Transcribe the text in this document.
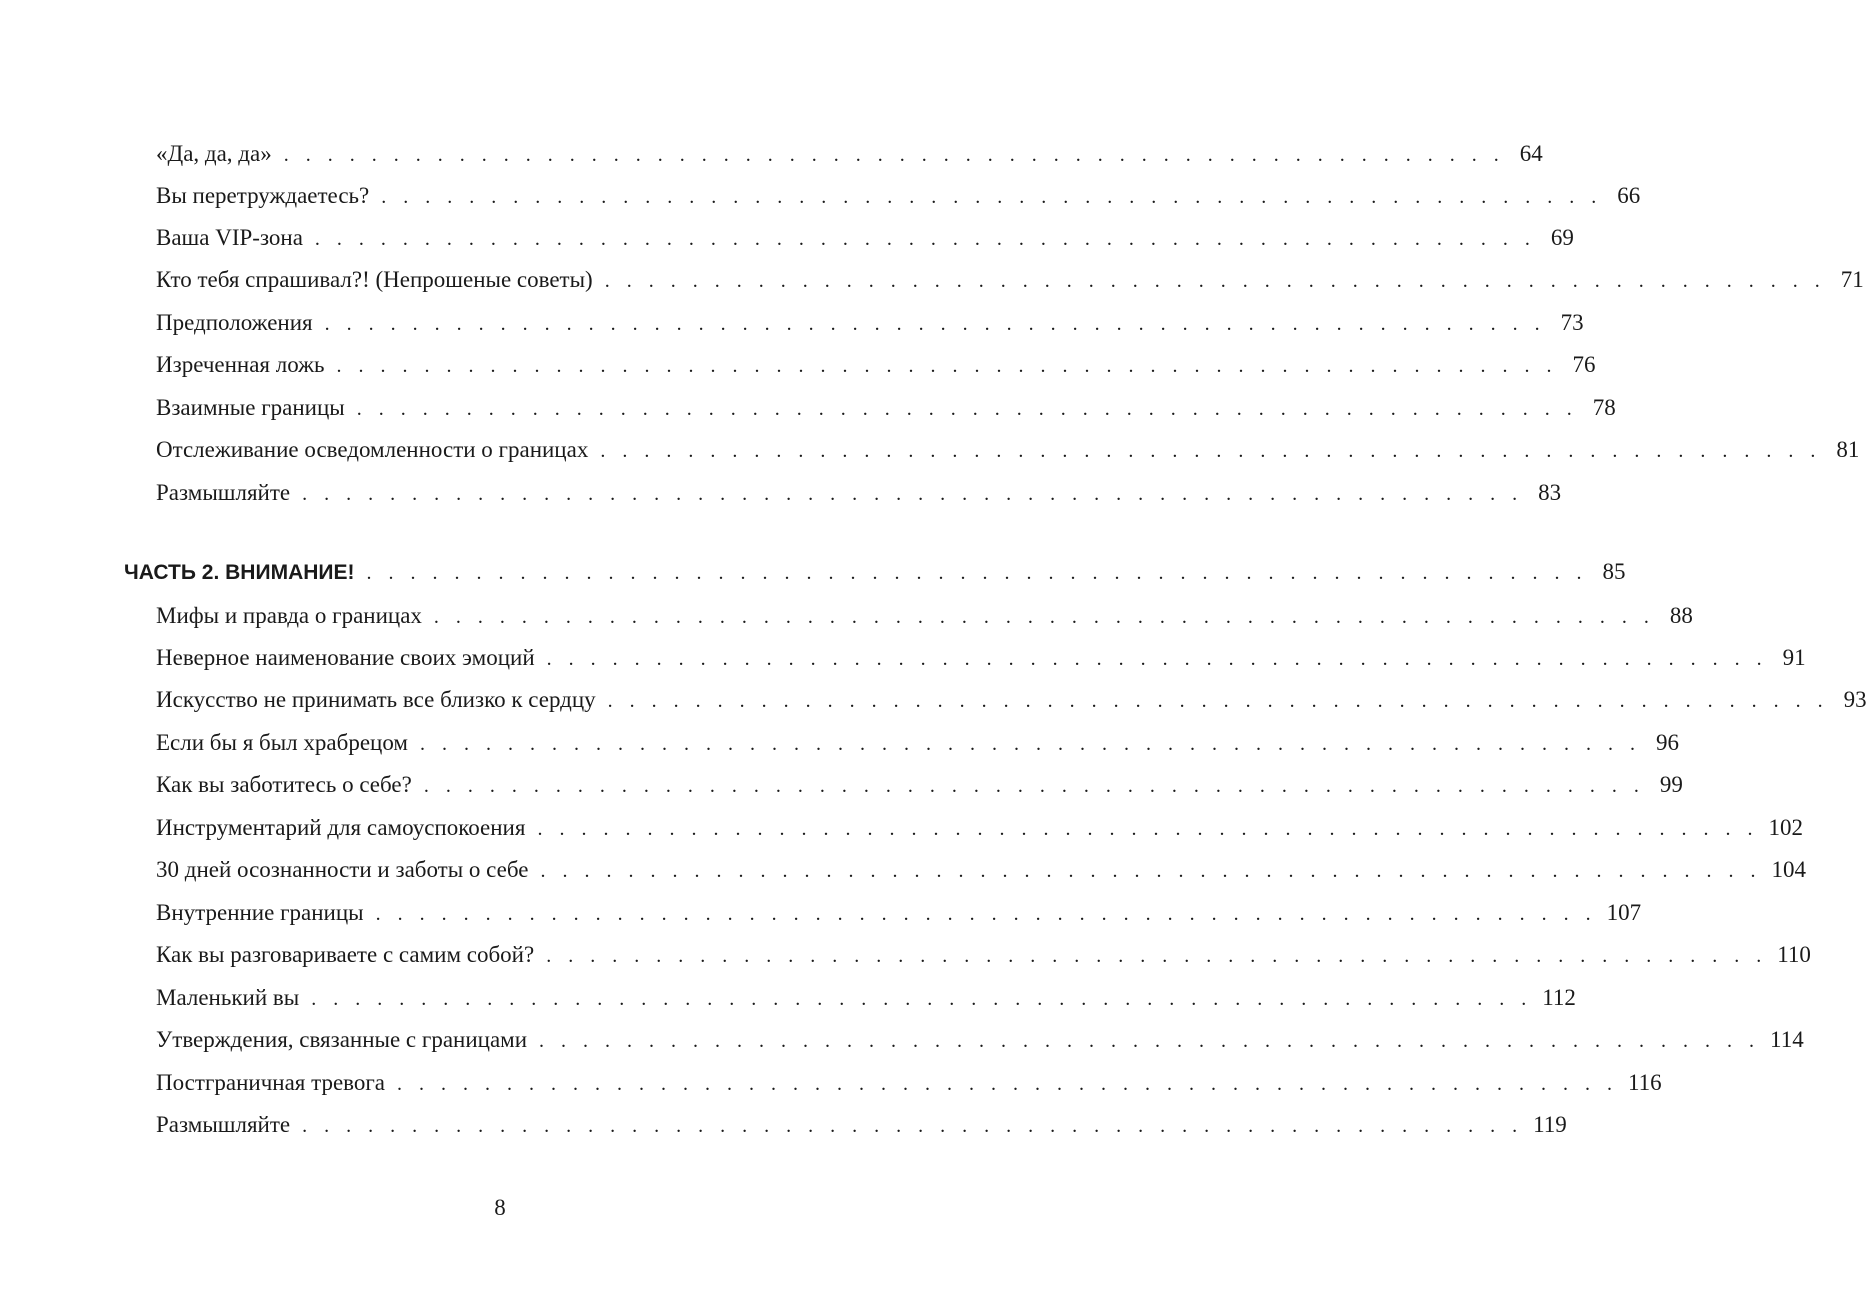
«Да, да, да» . . . . . . . . . . . . . . . . . . . . . . . . . . . . . . . . . . . . . . . . . . . . . . . . . . . . . . . . 64
Вы перетруждаетесь? . . . . . . . . . . . . . . . . . . . . . . . . . . . . . . . . . . . . . . . . . . . . . . . . . . . . . . . . 66
Ваша VIP-зона . . . . . . . . . . . . . . . . . . . . . . . . . . . . . . . . . . . . . . . . . . . . . . . . . . . . . . . . 69
Кто тебя спрашивал?! (Непрошеные советы) . . . . . . . . . . . . . . . . . . . . . . . . . . . . . . . . . . . . . . . . . . . . . . . . . . . . . . . . 71
Предположения . . . . . . . . . . . . . . . . . . . . . . . . . . . . . . . . . . . . . . . . . . . . . . . . . . . . . . . . 73
Изреченная ложь . . . . . . . . . . . . . . . . . . . . . . . . . . . . . . . . . . . . . . . . . . . . . . . . . . . . . . . . 76
Взаимные границы . . . . . . . . . . . . . . . . . . . . . . . . . . . . . . . . . . . . . . . . . . . . . . . . . . . . . . . . 78
Отслеживание осведомленности о границах . . . . . . . . . . . . . . . . . . . . . . . . . . . . . . . . . . . . . . . . . . . . . . . . . . . . . . . . 81
Размышляйте . . . . . . . . . . . . . . . . . . . . . . . . . . . . . . . . . . . . . . . . . . . . . . . . . . . . . . . . 83
ЧАСТЬ 2. ВНИМАНИЕ! . . . . . . . . . . . . . . . . . . . . . . . . . . . . . . . . . . . . . . . . . . . . . . . . . . . . . . . . 85
Мифы и правда о границах . . . . . . . . . . . . . . . . . . . . . . . . . . . . . . . . . . . . . . . . . . . . . . . . . . . . . . . . 88
Неверное наименование своих эмоций . . . . . . . . . . . . . . . . . . . . . . . . . . . . . . . . . . . . . . . . . . . . . . . . . . . . . . . . 91
Искусство не принимать все близко к сердцу . . . . . . . . . . . . . . . . . . . . . . . . . . . . . . . . . . . . . . . . . . . . . . . . . . . . . . . . 93
Если бы я был храбрецом . . . . . . . . . . . . . . . . . . . . . . . . . . . . . . . . . . . . . . . . . . . . . . . . . . . . . . . . 96
Как вы заботитесь о себе? . . . . . . . . . . . . . . . . . . . . . . . . . . . . . . . . . . . . . . . . . . . . . . . . . . . . . . . . 99
Инструментарий для самоуспокоения . . . . . . . . . . . . . . . . . . . . . . . . . . . . . . . . . . . . . . . . . . . . . . . . . . . . . . . . 102
30 дней осознанности и заботы о себе . . . . . . . . . . . . . . . . . . . . . . . . . . . . . . . . . . . . . . . . . . . . . . . . . . . . . . . . 104
Внутренние границы . . . . . . . . . . . . . . . . . . . . . . . . . . . . . . . . . . . . . . . . . . . . . . . . . . . . . . . . 107
Как вы разговариваете с самим собой? . . . . . . . . . . . . . . . . . . . . . . . . . . . . . . . . . . . . . . . . . . . . . . . . . . . . . . . . 110
Маленький вы . . . . . . . . . . . . . . . . . . . . . . . . . . . . . . . . . . . . . . . . . . . . . . . . . . . . . . . . 112
Утверждения, связанные с границами . . . . . . . . . . . . . . . . . . . . . . . . . . . . . . . . . . . . . . . . . . . . . . . . . . . . . . . . 114
Постграничная тревога . . . . . . . . . . . . . . . . . . . . . . . . . . . . . . . . . . . . . . . . . . . . . . . . . . . . . . . . 116
Размышляйте . . . . . . . . . . . . . . . . . . . . . . . . . . . . . . . . . . . . . . . . . . . . . . . . . . . . . . . . 119
8
